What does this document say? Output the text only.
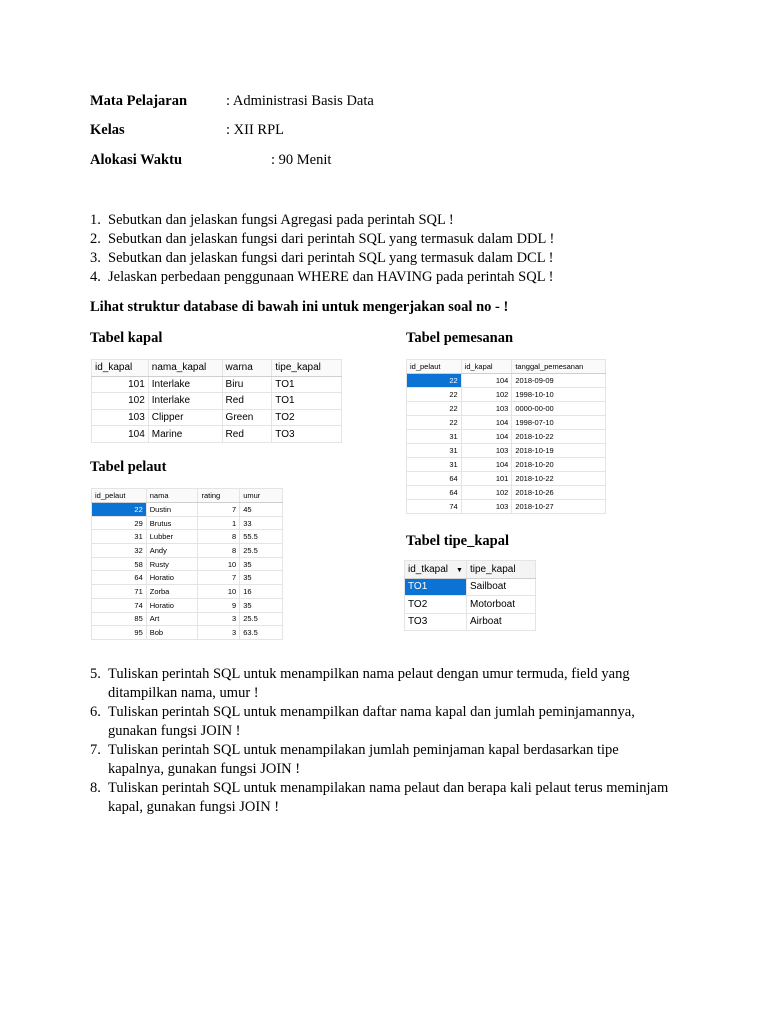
Mata Pelajaran	: Administrasi Basis Data
Kelas	: XII RPL
Alokasi Waktu	: 90 Menit
1. Sebutkan dan jelaskan fungsi Agregasi pada perintah SQL !
2. Sebutkan dan jelaskan fungsi dari perintah SQL yang termasuk dalam DDL !
3. Sebutkan dan jelaskan fungsi dari perintah SQL yang termasuk dalam DCL !
4. Jelaskan perbedaan penggunaan WHERE dan HAVING pada perintah SQL !
Lihat struktur database di bawah ini untuk mengerjakan soal no - !
Tabel kapal
id_kapal	nama_kapal	warna	tipe_kapal
101	Interlake	Biru	TO1
102	Interlake	Red	TO1
103	Clipper	Green	TO2
104	Marine	Red	TO3
Tabel pemesanan
id_pelaut	id_kapal	tanggal_pemesanan
22	104	2018-09-09
22	102	1998-10-10
22	103	0000-00-00
22	104	1998-07-10
31	104	2018-10-22
31	103	2018-10-19
31	104	2018-10-20
64	101	2018-10-22
64	102	2018-10-26
74	103	2018-10-27
Tabel pelaut
id_pelaut	nama	rating	umur
22	Dustin	7	45
29	Brutus	1	33
31	Lubber	8	55.5
32	Andy	8	25.5
58	Rusty	10	35
64	Horatio	7	35
71	Zorba	10	16
74	Horatio	9	35
85	Art	3	25.5
95	Bob	3	63.5
Tabel tipe_kapal
id_tkapal ▼	tipe_kapal
TO1	Sailboat
TO2	Motorboat
TO3	Airboat
5. Tuliskan perintah SQL untuk menampilkan nama pelaut dengan umur termuda, field yang ditampilkan nama, umur !
6. Tuliskan perintah SQL untuk menampilkan daftar nama kapal dan jumlah peminjamannya, gunakan fungsi JOIN !
7. Tuliskan perintah SQL untuk menampilakan jumlah peminjaman kapal berdasarkan tipe kapalnya, gunakan fungsi JOIN !
8. Tuliskan perintah SQL untuk menampilakan nama pelaut dan berapa kali pelaut terus meminjam kapal, gunakan fungsi JOIN !
